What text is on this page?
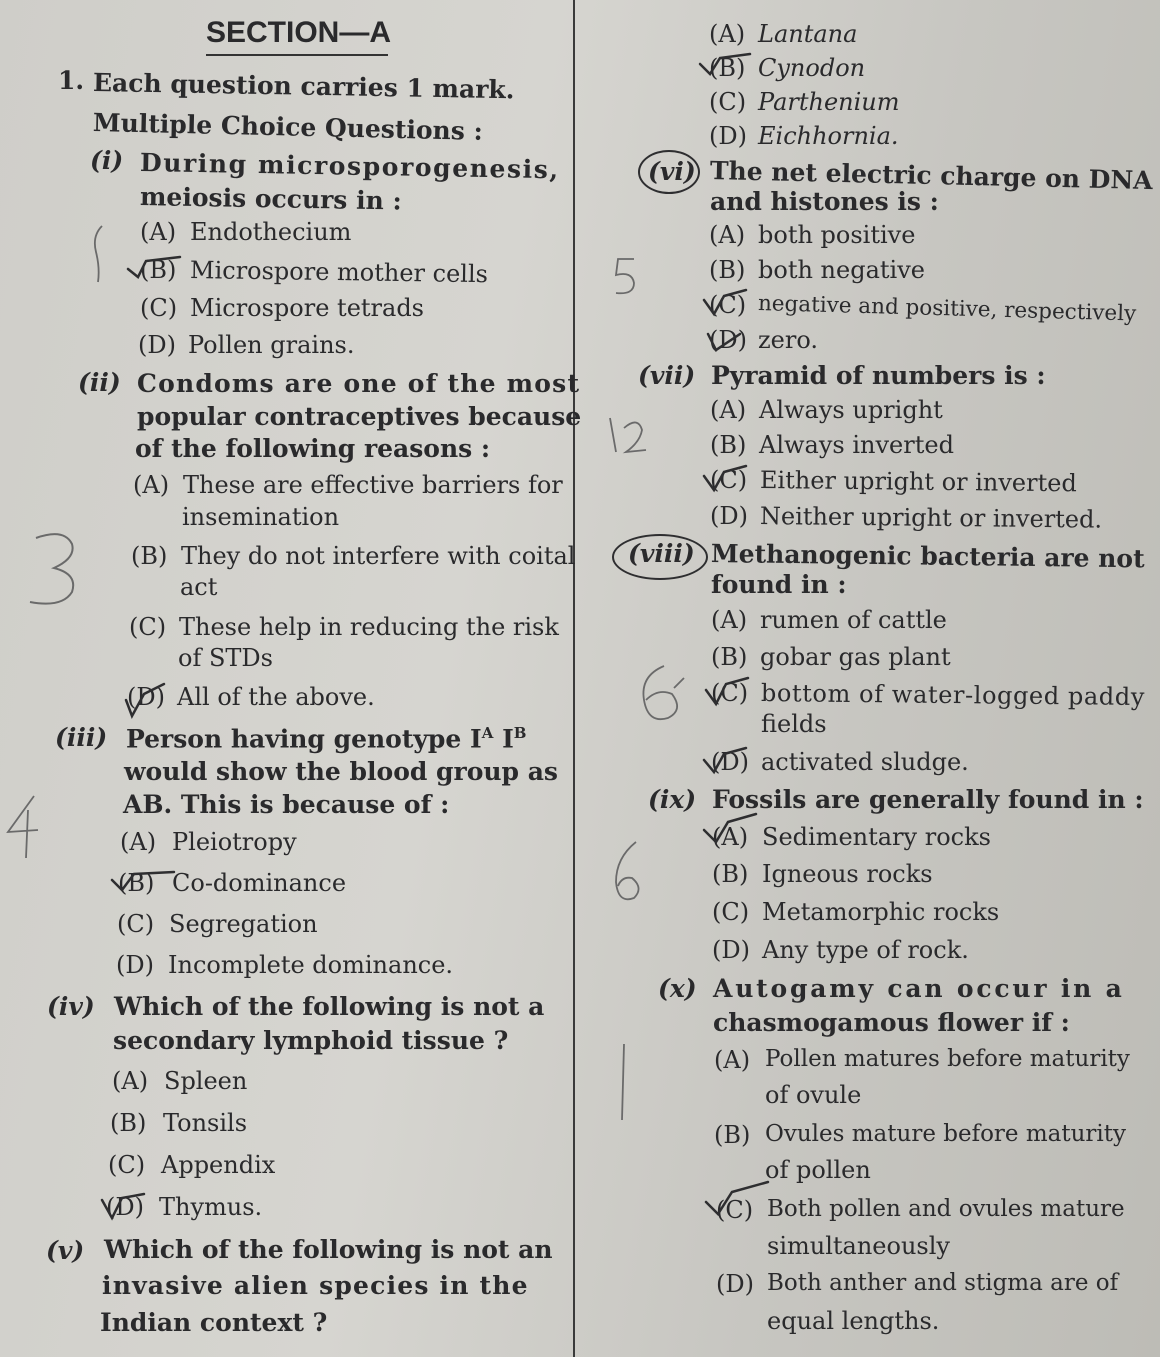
SECTION—A
1. Each question carries 1 mark.
Multiple Choice Questions :
(i) During microsporogenesis,
meiosis occurs in :
(A) Endothecium
(B) Microspore mother cells
(C) Microspore tetrads
(D) Pollen grains.
(ii) Condoms are one of the most
popular contraceptives because
of the following reasons :
(A) These are effective barriers for
insemination
(B) They do not interfere with coital
act
(C) These help in reducing the risk
of STDs
(D) All of the above.
(iii) Person having genotype $I^A$ $I^B$
would show the blood group as
AB. This is because of :
(A) Pleiotropy
(B) Co-dominance
(C) Segregation
(D) Incomplete dominance.
(iv) Which of the following is not a
secondary lymphoid tissue ?
(A) Spleen
(B) Tonsils
(C) Appendix
(D) Thymus.
(v) Which of the following is not an
invasive alien species in the
Indian context ?
(A) Lantana
(B) Cynodon
(C) Parthenium
(D) Eichhornia.
(vi) The net electric charge on DNA
and histones is :
(A) both positive
(B) both negative
(C) negative and positive, respectively
(D) zero.
(vii) Pyramid of numbers is :
(A) Always upright
(B) Always inverted
(C) Either upright or inverted
(D) Neither upright or inverted.
(viii) Methanogenic bacteria are not
found in :
(A) rumen of cattle
(B) gobar gas plant
(C) bottom of water-logged paddy
fields
(D) activated sludge.
(ix) Fossils are generally found in :
(A) Sedimentary rocks
(B) Igneous rocks
(C) Metamorphic rocks
(D) Any type of rock.
(x) Autogamy can occur in a
chasmogamous flower if :
(A) Pollen matures before maturity
of ovule
(B) Ovules mature before maturity
of pollen
(C) Both pollen and ovules mature
simultaneously
(D) Both anther and stigma are of
equal lengths.
